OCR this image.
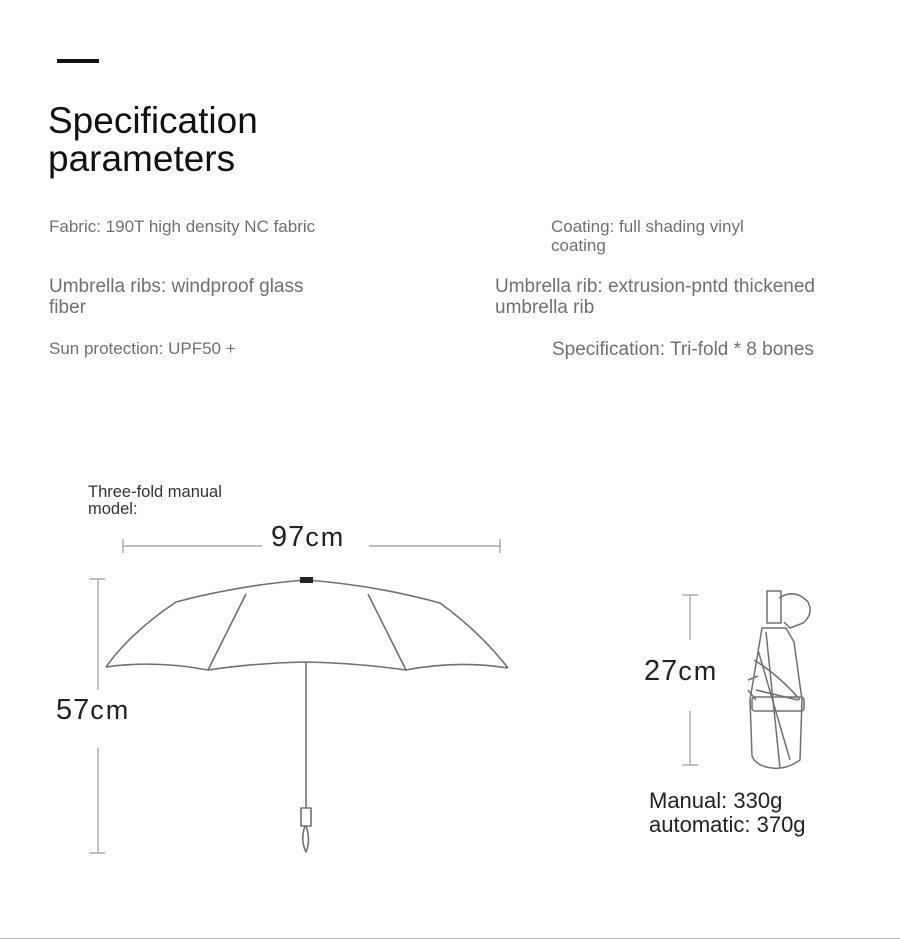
Specification
parameters
Fabric: 190T high density NC fabric	Coating: full shading vinyl coating
Umbrella ribs: windproof glass fiber
Umbrella rib: extrusion-pntd thickened umbrella rib
Sun protection: UPF50 +	Specification: Tri-fold * 8 bones
Three-fold manual model:
97cm
57cm
27cm
Manual: 330g
automatic: 370g
